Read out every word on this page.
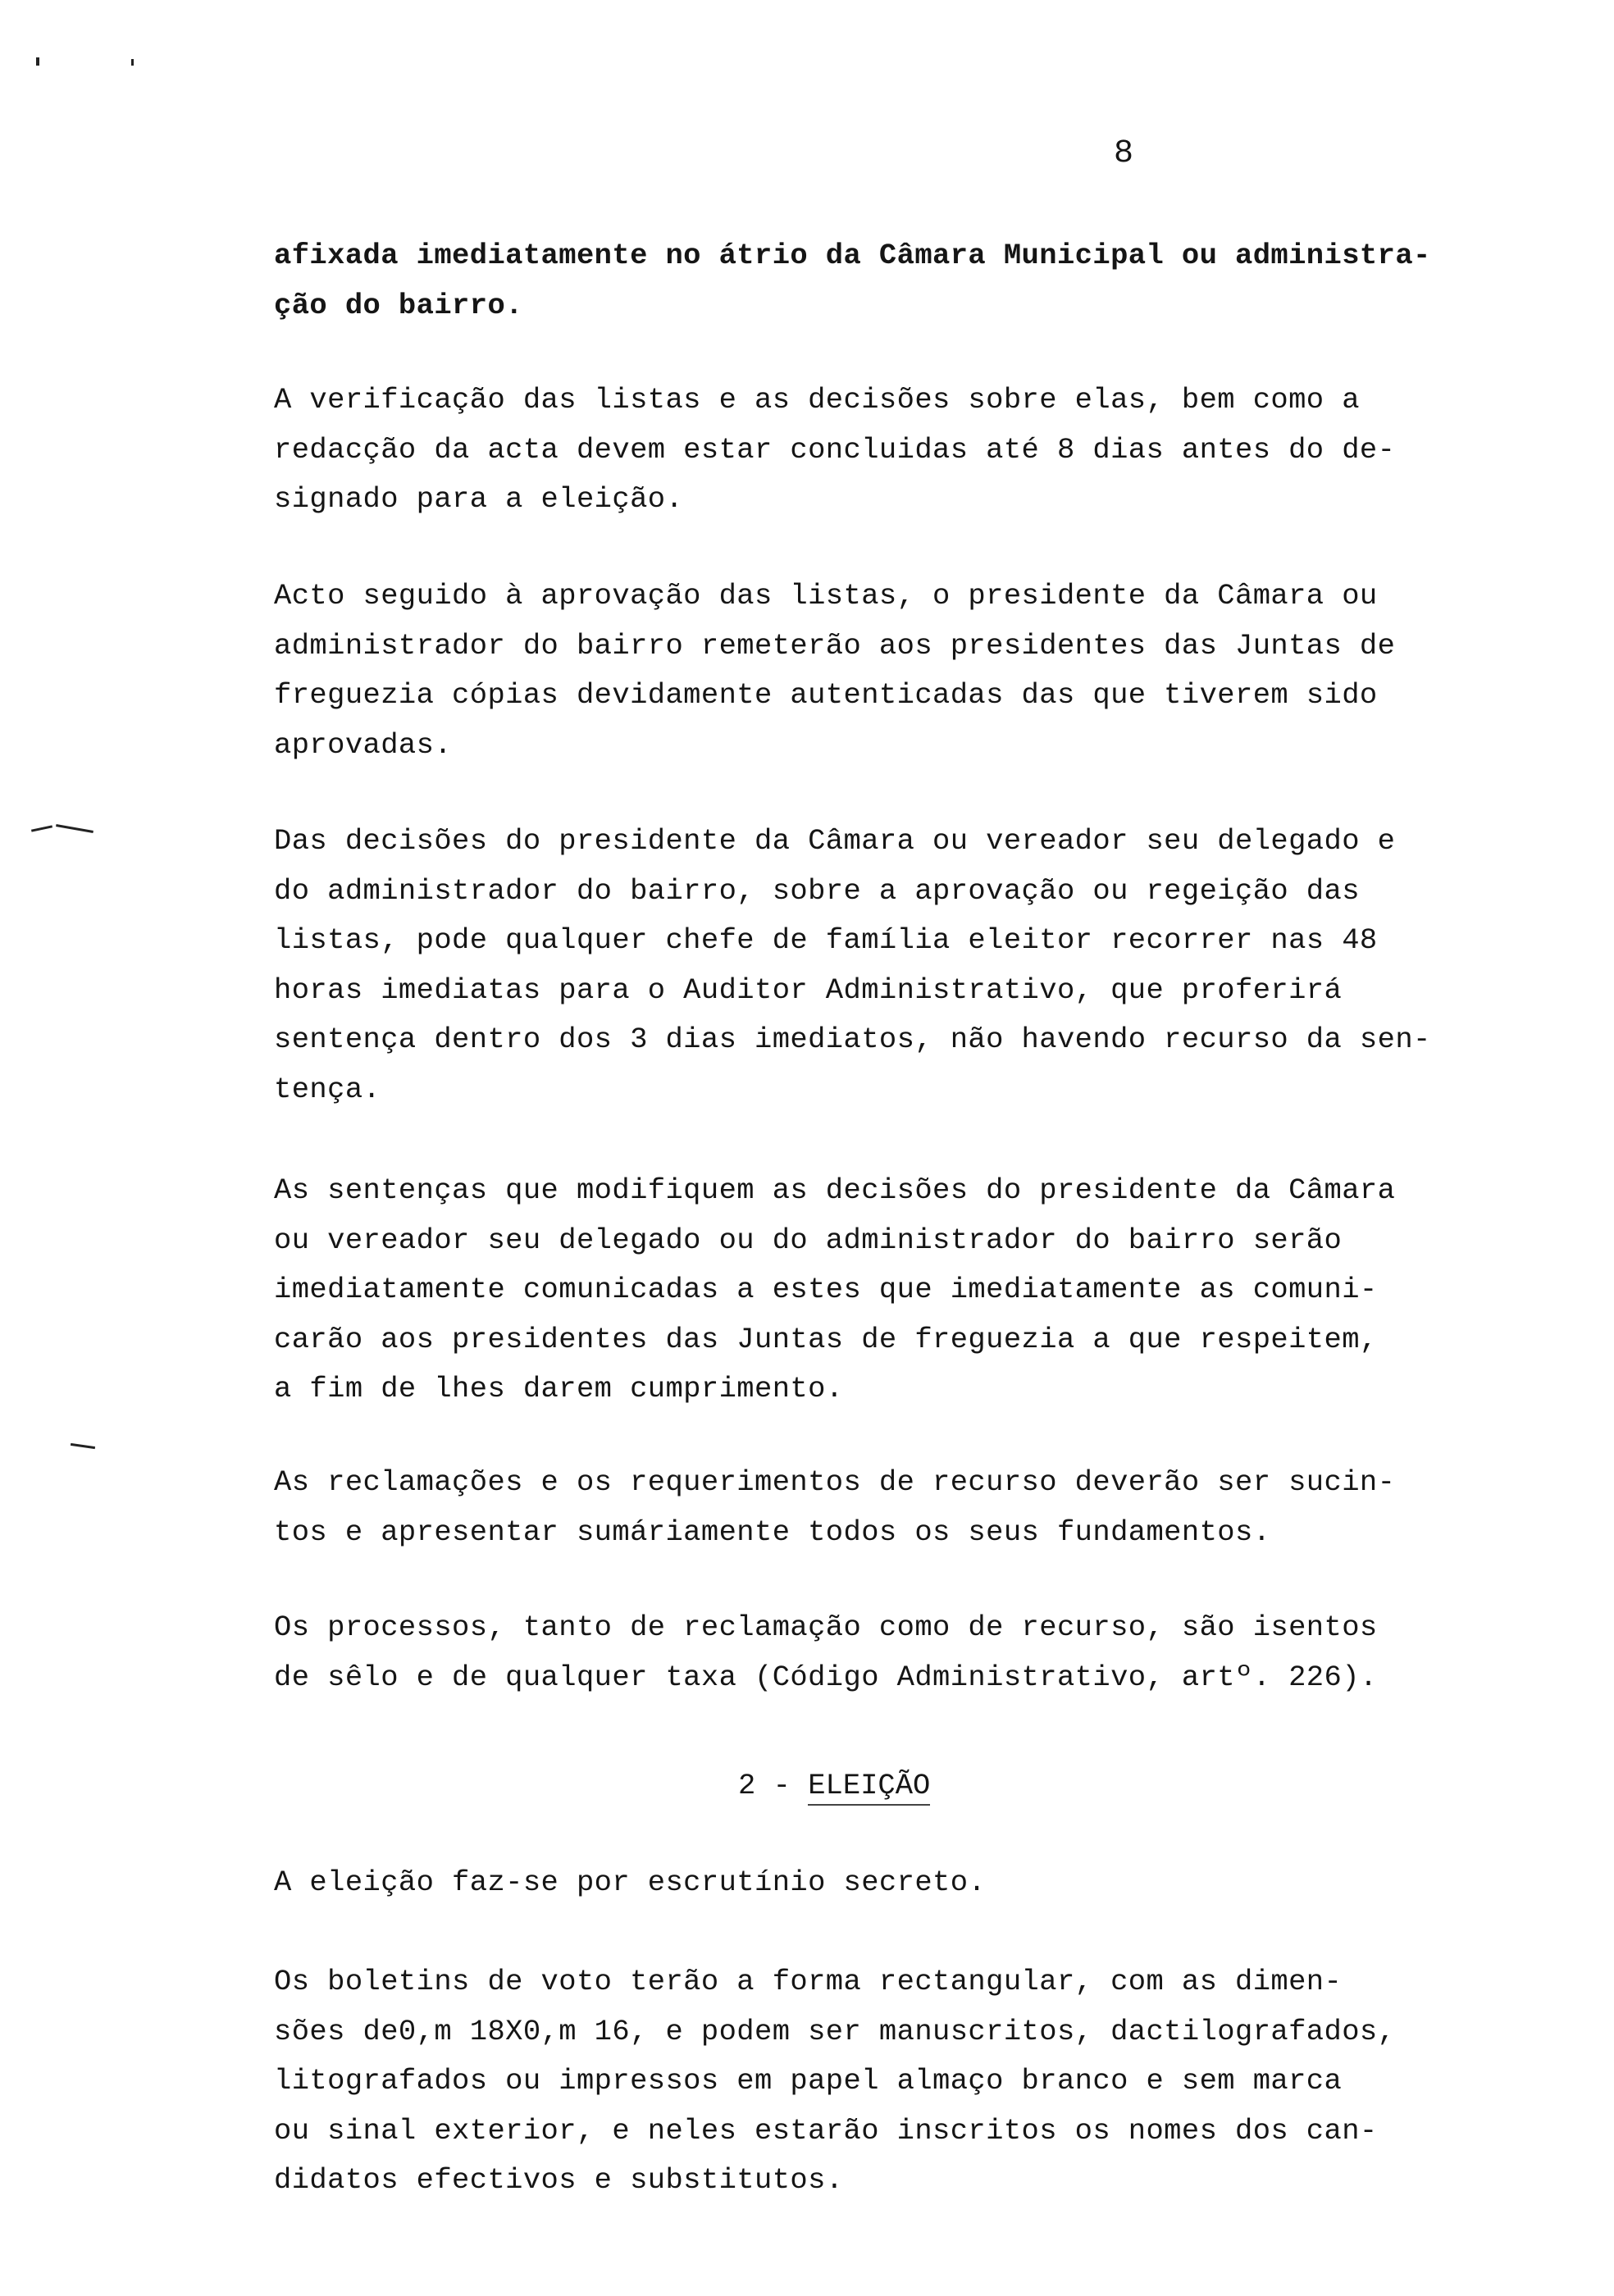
8

afixada imediatamente no átrio da Câmara Municipal ou administra-
ção do bairro.

A verificação das listas e as decisões sobre elas, bem como a
redacção da acta devem estar concluidas até 8 dias antes do de-
signado para a eleição.

Acto seguido à aprovação das listas, o presidente da Câmara ou
administrador do bairro remeterão aos presidentes das Juntas de
freguezia cópias devidamente autenticadas das que tiverem sido
aprovadas.

Das decisões do presidente da Câmara ou vereador seu delegado e
do administrador do bairro, sobre a aprovação ou regeição das
listas, pode qualquer chefe de família eleitor recorrer nas 48
horas imediatas para o Auditor Administrativo, que proferirá
sentença dentro dos 3 dias imediatos, não havendo recurso da sen-
tença.

As sentenças que modifiquem as decisões do presidente da Câmara
ou vereador seu delegado ou do administrador do bairro serão
imediatamente comunicadas a estes que imediatamente as comuni-
carão aos presidentes das Juntas de freguezia a que respeitem,
a fim de lhes darem cumprimento.

As reclamações e os requerimentos de recurso deverão ser sucin-
tos e apresentar sumáriamente todos os seus fundamentos.

Os processos, tanto de reclamação como de recurso, são isentos
de sêlo e de qualquer taxa (Código Administrativo, artº. 226).

2 - ELEIÇÃO

A eleição faz-se por escrutínio secreto.

Os boletins de voto terão a forma rectangular, com as dimen-
sões de0,m 18X0,m 16, e podem ser manuscritos, dactilografados,
litografados ou impressos em papel almaço branco e sem marca
ou sinal exterior, e neles estarão inscritos os nomes dos can-
didatos efectivos e substitutos.
